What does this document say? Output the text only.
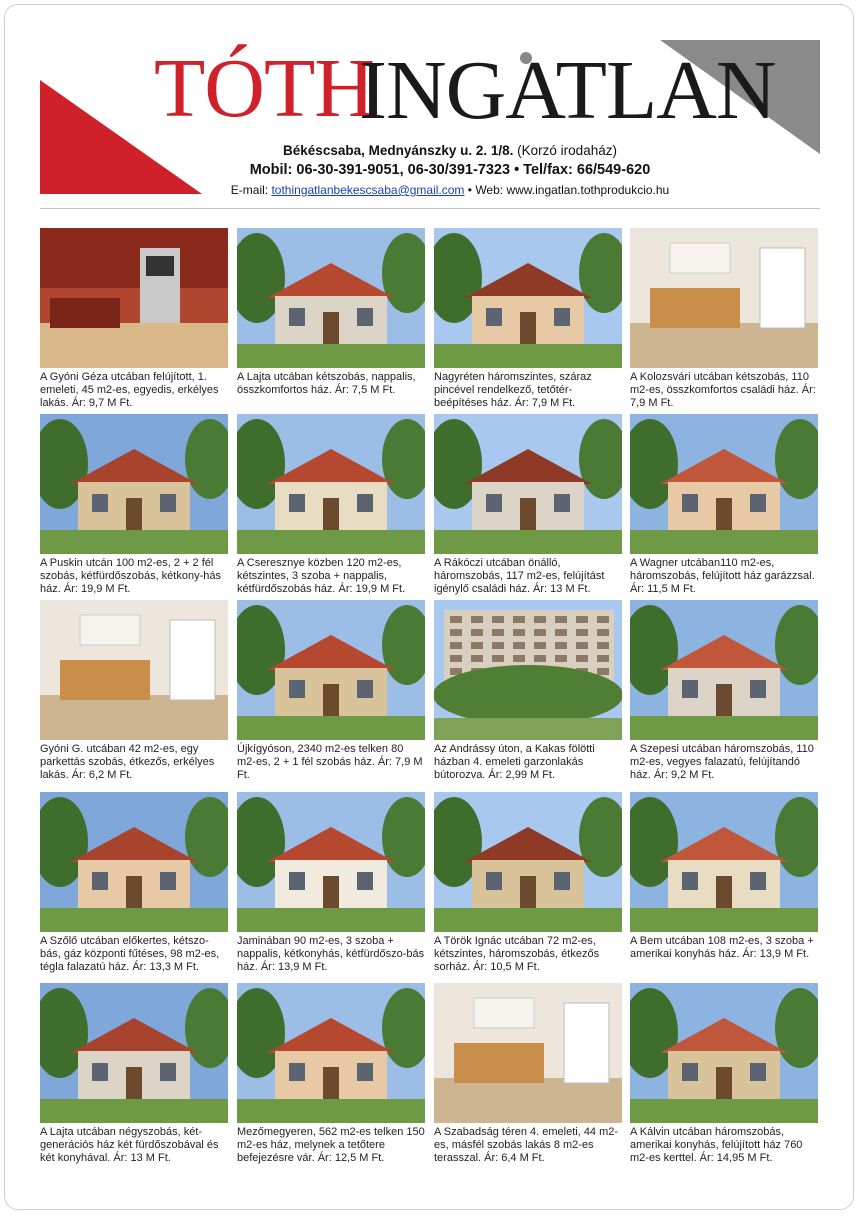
TÓTH
INGATLAN
Békéscsaba, Mednyánszky u. 2. 1/8. (Korzó irodaház)
Mobil: 06-30-391-9051, 06-30/391-7323 • Tel/fax: 66/549-620
E-mail: tothingatlanbekescsaba@gmail.com • Web: www.ingatlan.tothprodukcio.hu
A Gyóni Géza utcában felújított, 1. emeleti, 45 m2-es, egyedis, erkélyes lakás. Ár: 9,7 M Ft.
A Lajta utcában kétszobás, nappalis, összkomfortos ház. Ár: 7,5 M Ft.
Nagyréten háromszintes, száraz pincével rendelkező, tetőtér-beépítéses ház. Ár: 7,9 M Ft.
A Kolozsvári utcában kétszobás, 110 m2-es, összkomfortos családi ház. Ár: 7,9 M Ft.
A Puskin utcán 100 m2-es, 2 + 2 fél szobás, kétfürdőszobás, kétkony-hás ház. Ár: 19,9 M Ft.
A Cseresznye közben 120 m2-es, kétszintes, 3 szoba + nappalis, kétfürdőszobás ház. Ár: 19,9 M Ft.
A Rákóczi utcában önálló, háromszobás, 117 m2-es, felújítást igénylő családi ház. Ár: 13 M Ft.
A Wagner utcában110 m2-es, háromszobás, felújított ház garázzsal. Ár: 11,5 M Ft.
Gyóni G. utcában 42 m2-es, egy parkettás szobás, étkezős, erkélyes lakás. Ár: 6,2 M Ft.
Újkígyóson, 2340 m2-es telken 80 m2-es, 2 + 1 fél szobás ház. Ár: 7,9 M Ft.
Az Andrássy úton, a Kakas fölötti házban 4. emeleti garzonlakás bútorozva. Ár: 2,99 M Ft.
A Szepesi utcában háromszobás, 110 m2-es, vegyes falazatú, felújítandó ház. Ár: 9,2 M Ft.
A Szőlő utcában előkertes, kétszo-bás, gáz központi fűtéses, 98 m2-es, tégla falazatú ház. Ár: 13,3 M Ft.
Jaminában 90 m2-es, 3 szoba + nappalis, kétkonyhás, kétfürdőszo-bás ház. Ár: 13,9 M Ft.
A Török Ignác utcában 72 m2-es, kétszintes, háromszobás, étkezős sorház. Ár: 10,5 M Ft.
A Bem utcában 108 m2-es, 3 szoba + amerikai konyhás ház. Ár: 13,9 M Ft.
A Lajta utcában négyszobás, két-generációs ház két fürdőszobával és két konyhával. Ár: 13 M Ft.
Mezőmegyeren, 562 m2-es telken 150 m2-es ház, melynek a tetőtere befejezésre vár. Ár: 12,5 M Ft.
A Szabadság téren 4. emeleti, 44 m2-es, másfél szobás lakás 8 m2-es terasszal. Ár: 6,4 M Ft.
A Kálvin utcában háromszobás, amerikai konyhás, felújított ház 760 m2-es kerttel. Ár: 14,95 M Ft.
